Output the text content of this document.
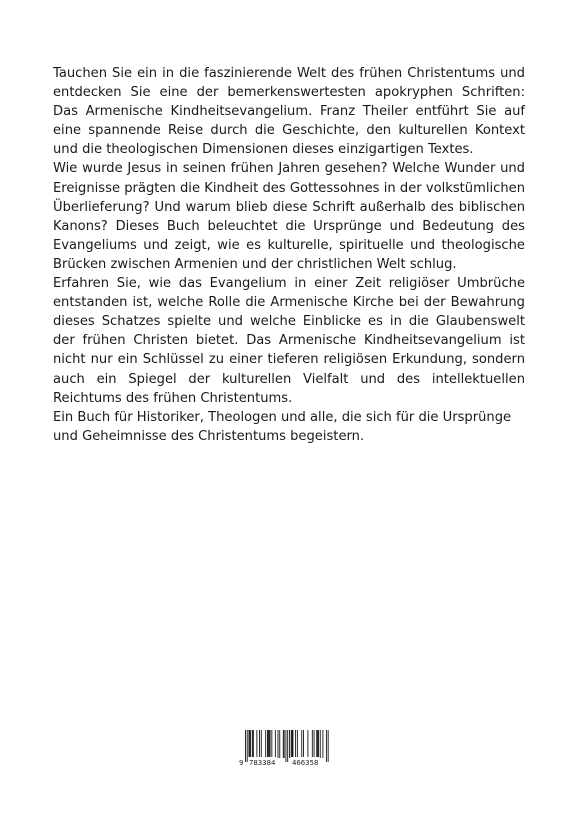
Tauchen Sie ein in die faszinierende Welt des frühen Christentums und entdecken Sie eine der bemerkenswertesten apokryphen Schriften: Das Armenische Kindheitsevangelium. Franz Theiler entführt Sie auf eine spannende Reise durch die Geschichte, den kulturellen Kontext und die theologischen Dimensionen dieses einzigartigen Textes.

Wie wurde Jesus in seinen frühen Jahren gesehen? Welche Wunder und Ereignisse prägten die Kindheit des Gottessohnes in der volkstümlichen Überlieferung? Und warum blieb diese Schrift außerhalb des biblischen Kanons? Dieses Buch beleuchtet die Ursprünge und Bedeutung des Evangeliums und zeigt, wie es kulturelle, spirituelle und theologische Brücken zwischen Armenien und der christlichen Welt schlug.

Erfahren Sie, wie das Evangelium in einer Zeit religiöser Umbrüche entstanden ist, welche Rolle die Armenische Kirche bei der Bewahrung dieses Schatzes spielte und welche Einblicke es in die Glaubenswelt der frühen Christen bietet. Das Armenische Kindheitsevangelium ist nicht nur ein Schlüssel zu einer tieferen religiösen Erkundung, sondern auch ein Spiegel der kulturellen Vielfalt und des intellektuellen Reichtums des frühen Christentums.

Ein Buch für Historiker, Theologen und alle, die sich für die Ursprünge und Geheimnisse des Christentums begeistern.

9 783384 466358
